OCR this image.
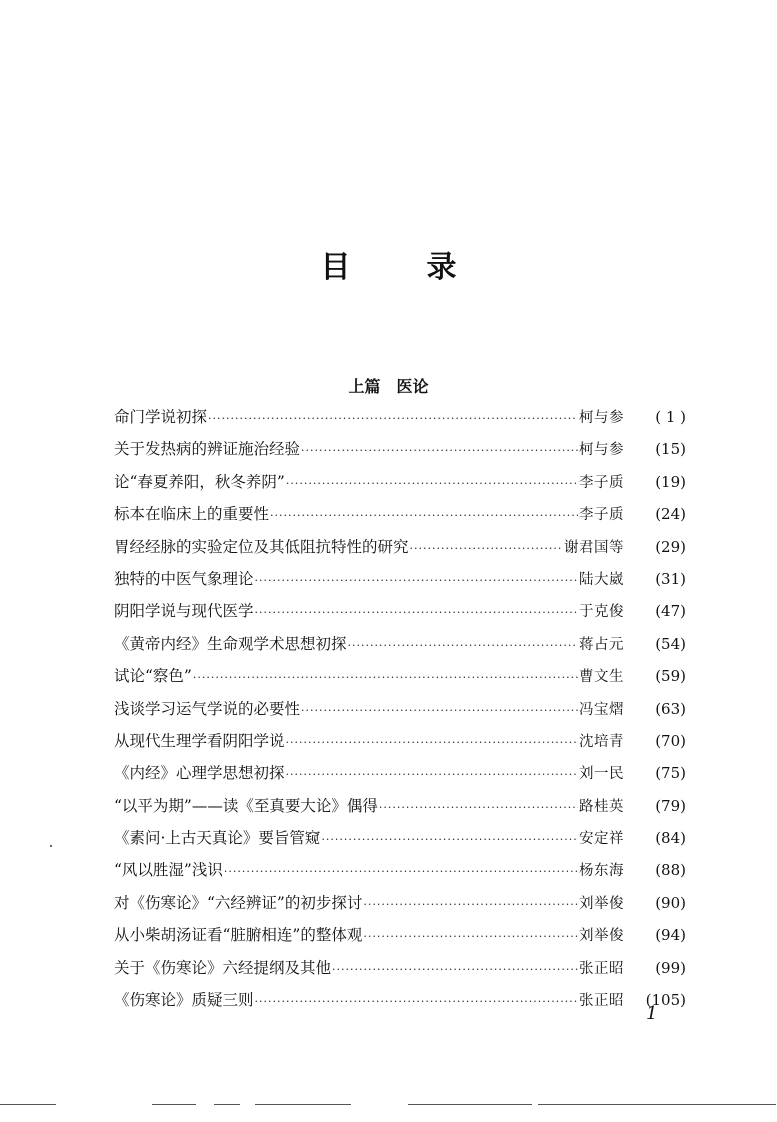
目	录
上篇 医论
命门学说初探 ·····	柯与参	( 1 )
关于发热病的辨证施治经验 ·····	柯与参	(15)
论“春夏养阳，秋冬养阴” ·····	李子质	(19)
标本在临床上的重要性 ·····	李子质	(24)
胃经经脉的实验定位及其低阻抗特性的研究 ·····	谢君国等	(29)
独特的中医气象理论 ·····	陆大崴	(31)
阴阳学说与现代医学 ·····	于克俊	(47)
《黄帝内经》生命观学术思想初探 ·····	蒋占元	(54)
试论“察色” ·····	曹文生	(59)
浅谈学习运气学说的必要性 ·····	冯宝熠	(63)
从现代生理学看阴阳学说 ·····	沈培青	(70)
《内经》心理学思想初探 ·····	刘一民	(75)
“以平为期”——读《至真要大论》偶得 ·····	路桂英	(79)
《素问·上古天真论》要旨管窥 ·····	安定祥	(84)
“风以胜湿”浅识 ·····	杨东海	(88)
对《伤寒论》“六经辨证”的初步探讨 ·····	刘举俊	(90)
从小柴胡汤证看“脏腑相连”的整体观 ·····	刘举俊	(94)
关于《伤寒论》六经提纲及其他 ·····	张正昭	(99)
《伤寒论》质疑三则 ·····	张正昭	(105)
1
